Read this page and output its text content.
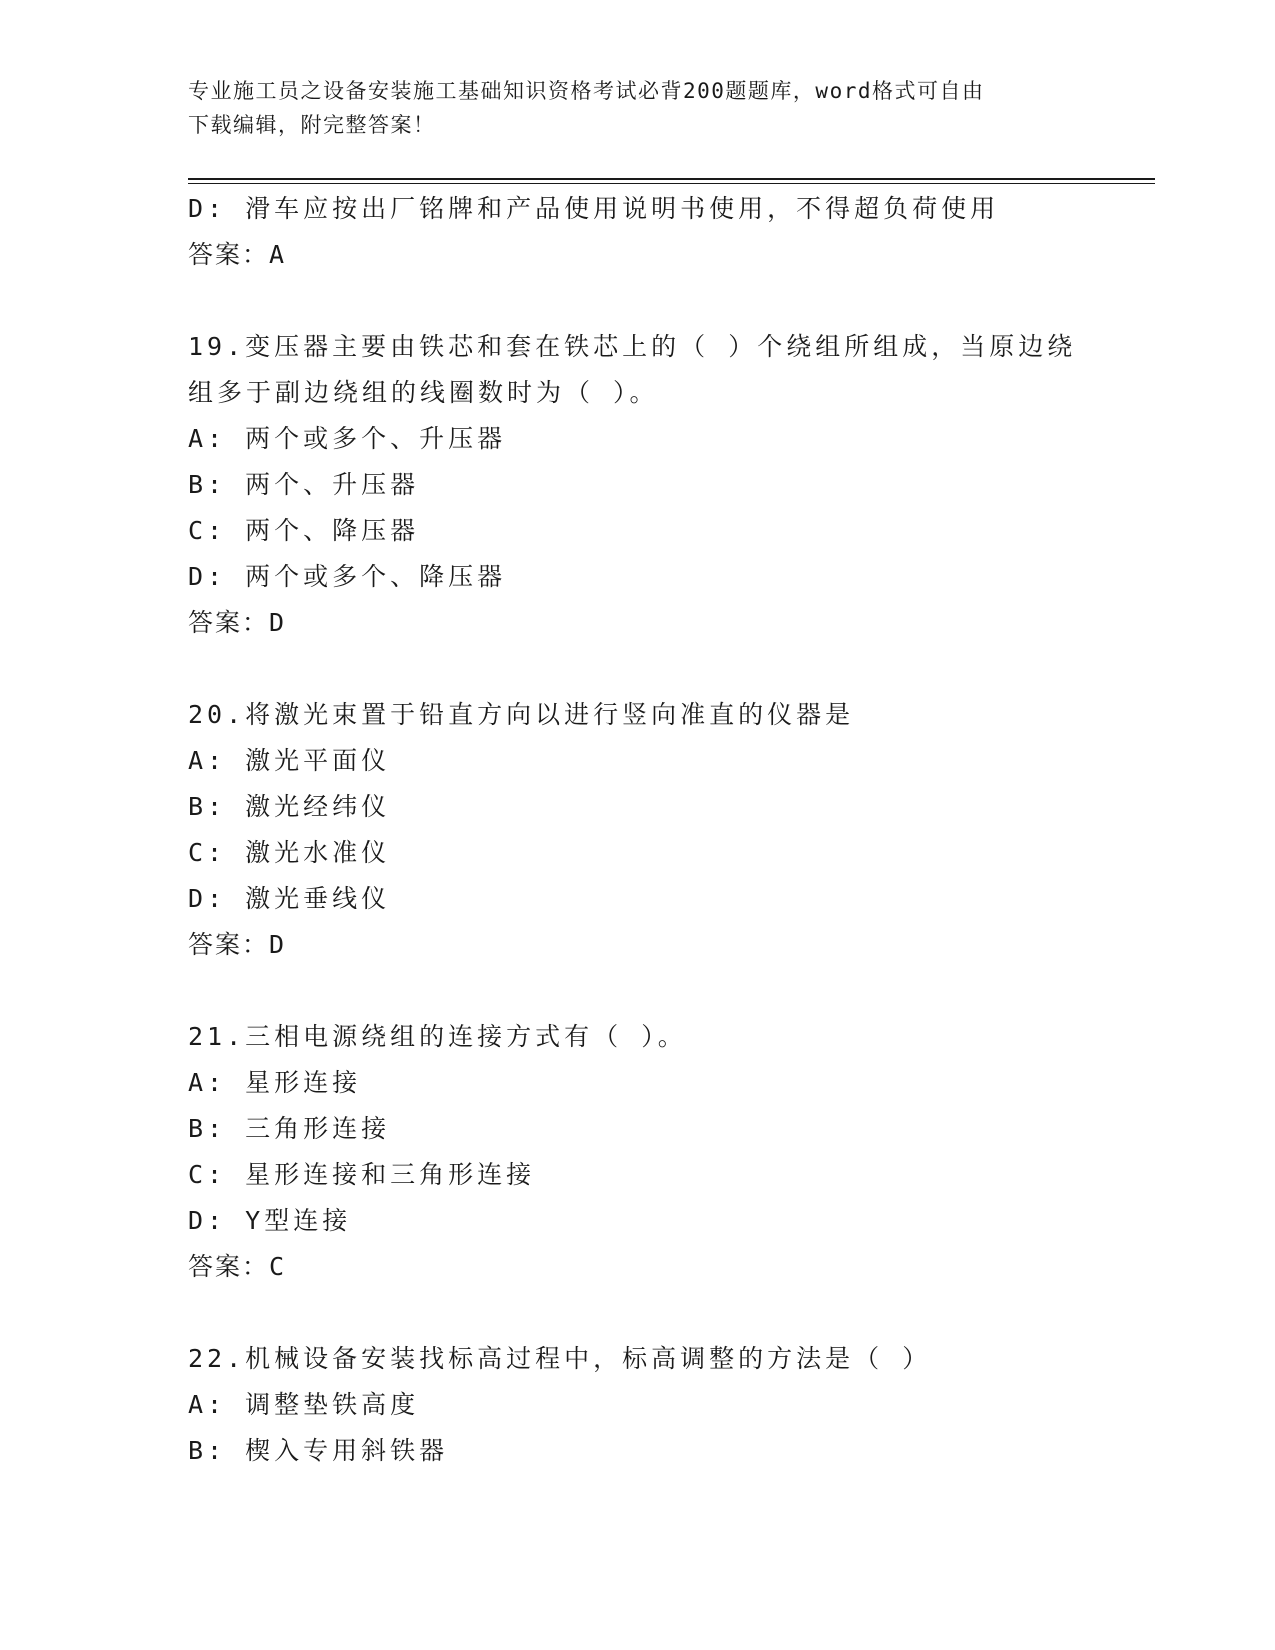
专业施工员之设备安装施工基础知识资格考试必背200题题库，word格式可自由
下载编辑，附完整答案！
D: 滑车应按出厂铭牌和产品使用说明书使用，不得超负荷使用
答案：A
19.变压器主要由铁芯和套在铁芯上的（ ）个绕组所组成，当原边绕
组多于副边绕组的线圈数时为（ ）。
A: 两个或多个、升压器
B: 两个、升压器
C: 两个、降压器
D: 两个或多个、降压器
答案：D
20.将激光束置于铅直方向以进行竖向准直的仪器是
A: 激光平面仪
B: 激光经纬仪
C: 激光水准仪
D: 激光垂线仪
答案：D
21.三相电源绕组的连接方式有（ ）。
A: 星形连接
B: 三角形连接
C: 星形连接和三角形连接
D: Y型连接
答案：C
22.机械设备安装找标高过程中，标高调整的方法是（ ）
A: 调整垫铁高度
B: 楔入专用斜铁器
